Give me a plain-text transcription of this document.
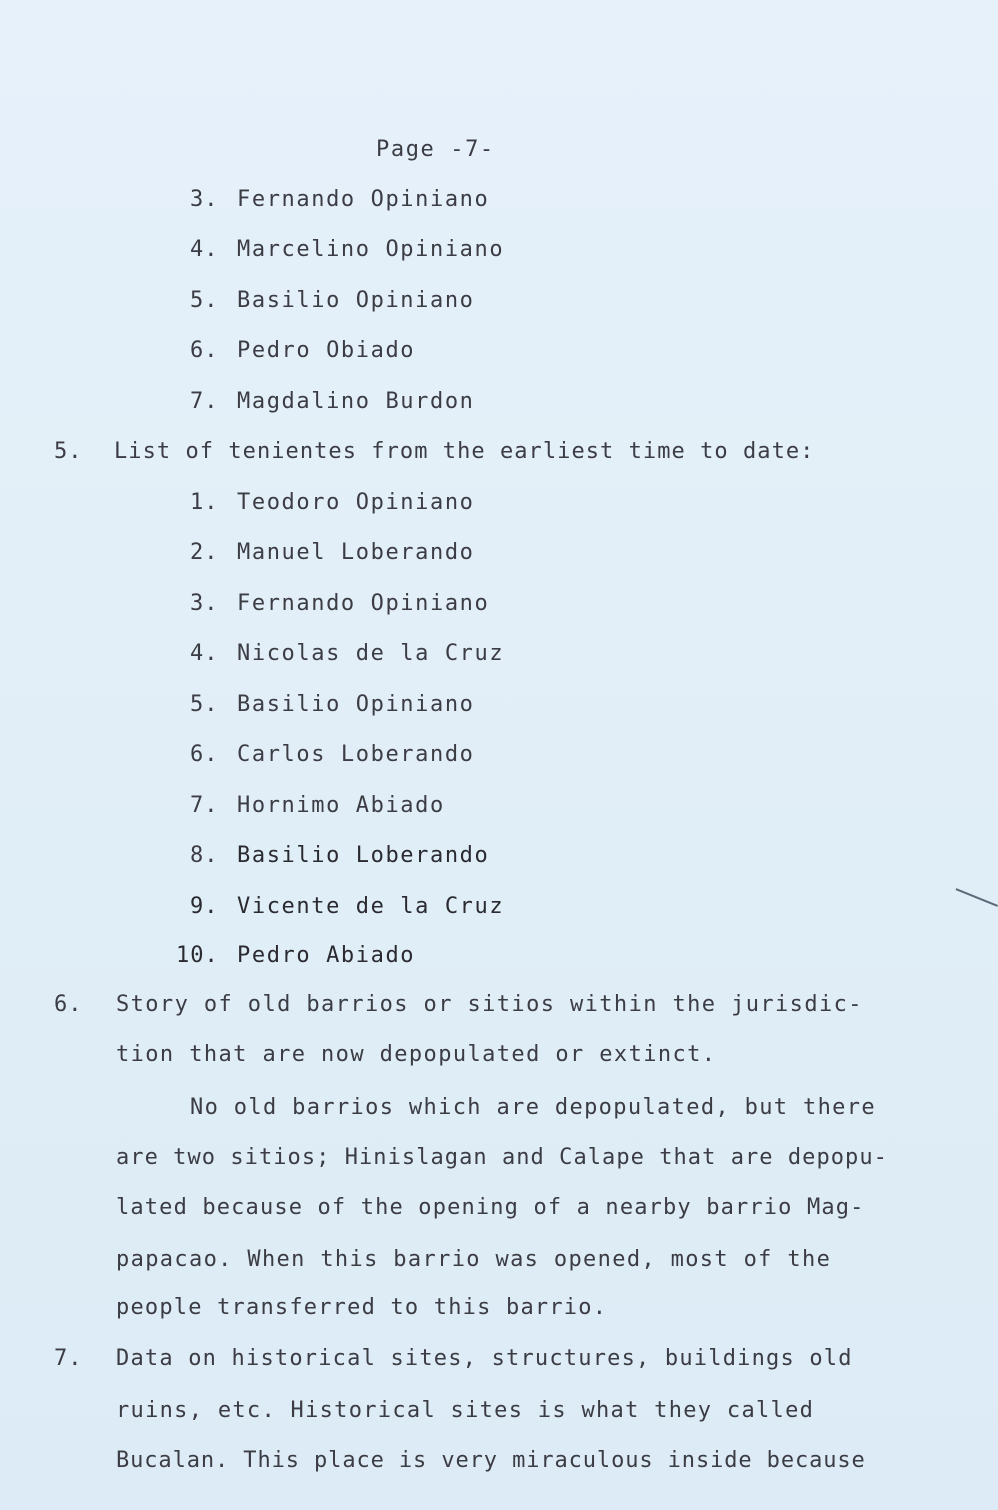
Page -7-
3. Fernando Opiniano
4. Marcelino Opiniano
5. Basilio Opiniano
6. Pedro Obiado
7. Magdalino Burdon
5. List of tenientes from the earliest time to date:
1. Teodoro Opiniano
2. Manuel Loberando
3. Fernando Opiniano
4. Nicolas de la Cruz
5. Basilio Opiniano
6. Carlos Loberando
7. Hornimo Abiado
8. Basilio Loberando
9. Vicente de la Cruz
10. Pedro Abiado
6. Story of old barrios or sitios within the jurisdic-
tion that are now depopulated or extinct.
No old barrios which are depopulated, but there
are two sitios; Hinislagan and Calape that are depopu-
lated because of the opening of a nearby barrio Mag-
papacao. When this barrio was opened, most of the
people transferred to this barrio.
7. Data on historical sites, structures, buildings old
ruins, etc. Historical sites is what they called
Bucalan. This place is very miraculous inside because
